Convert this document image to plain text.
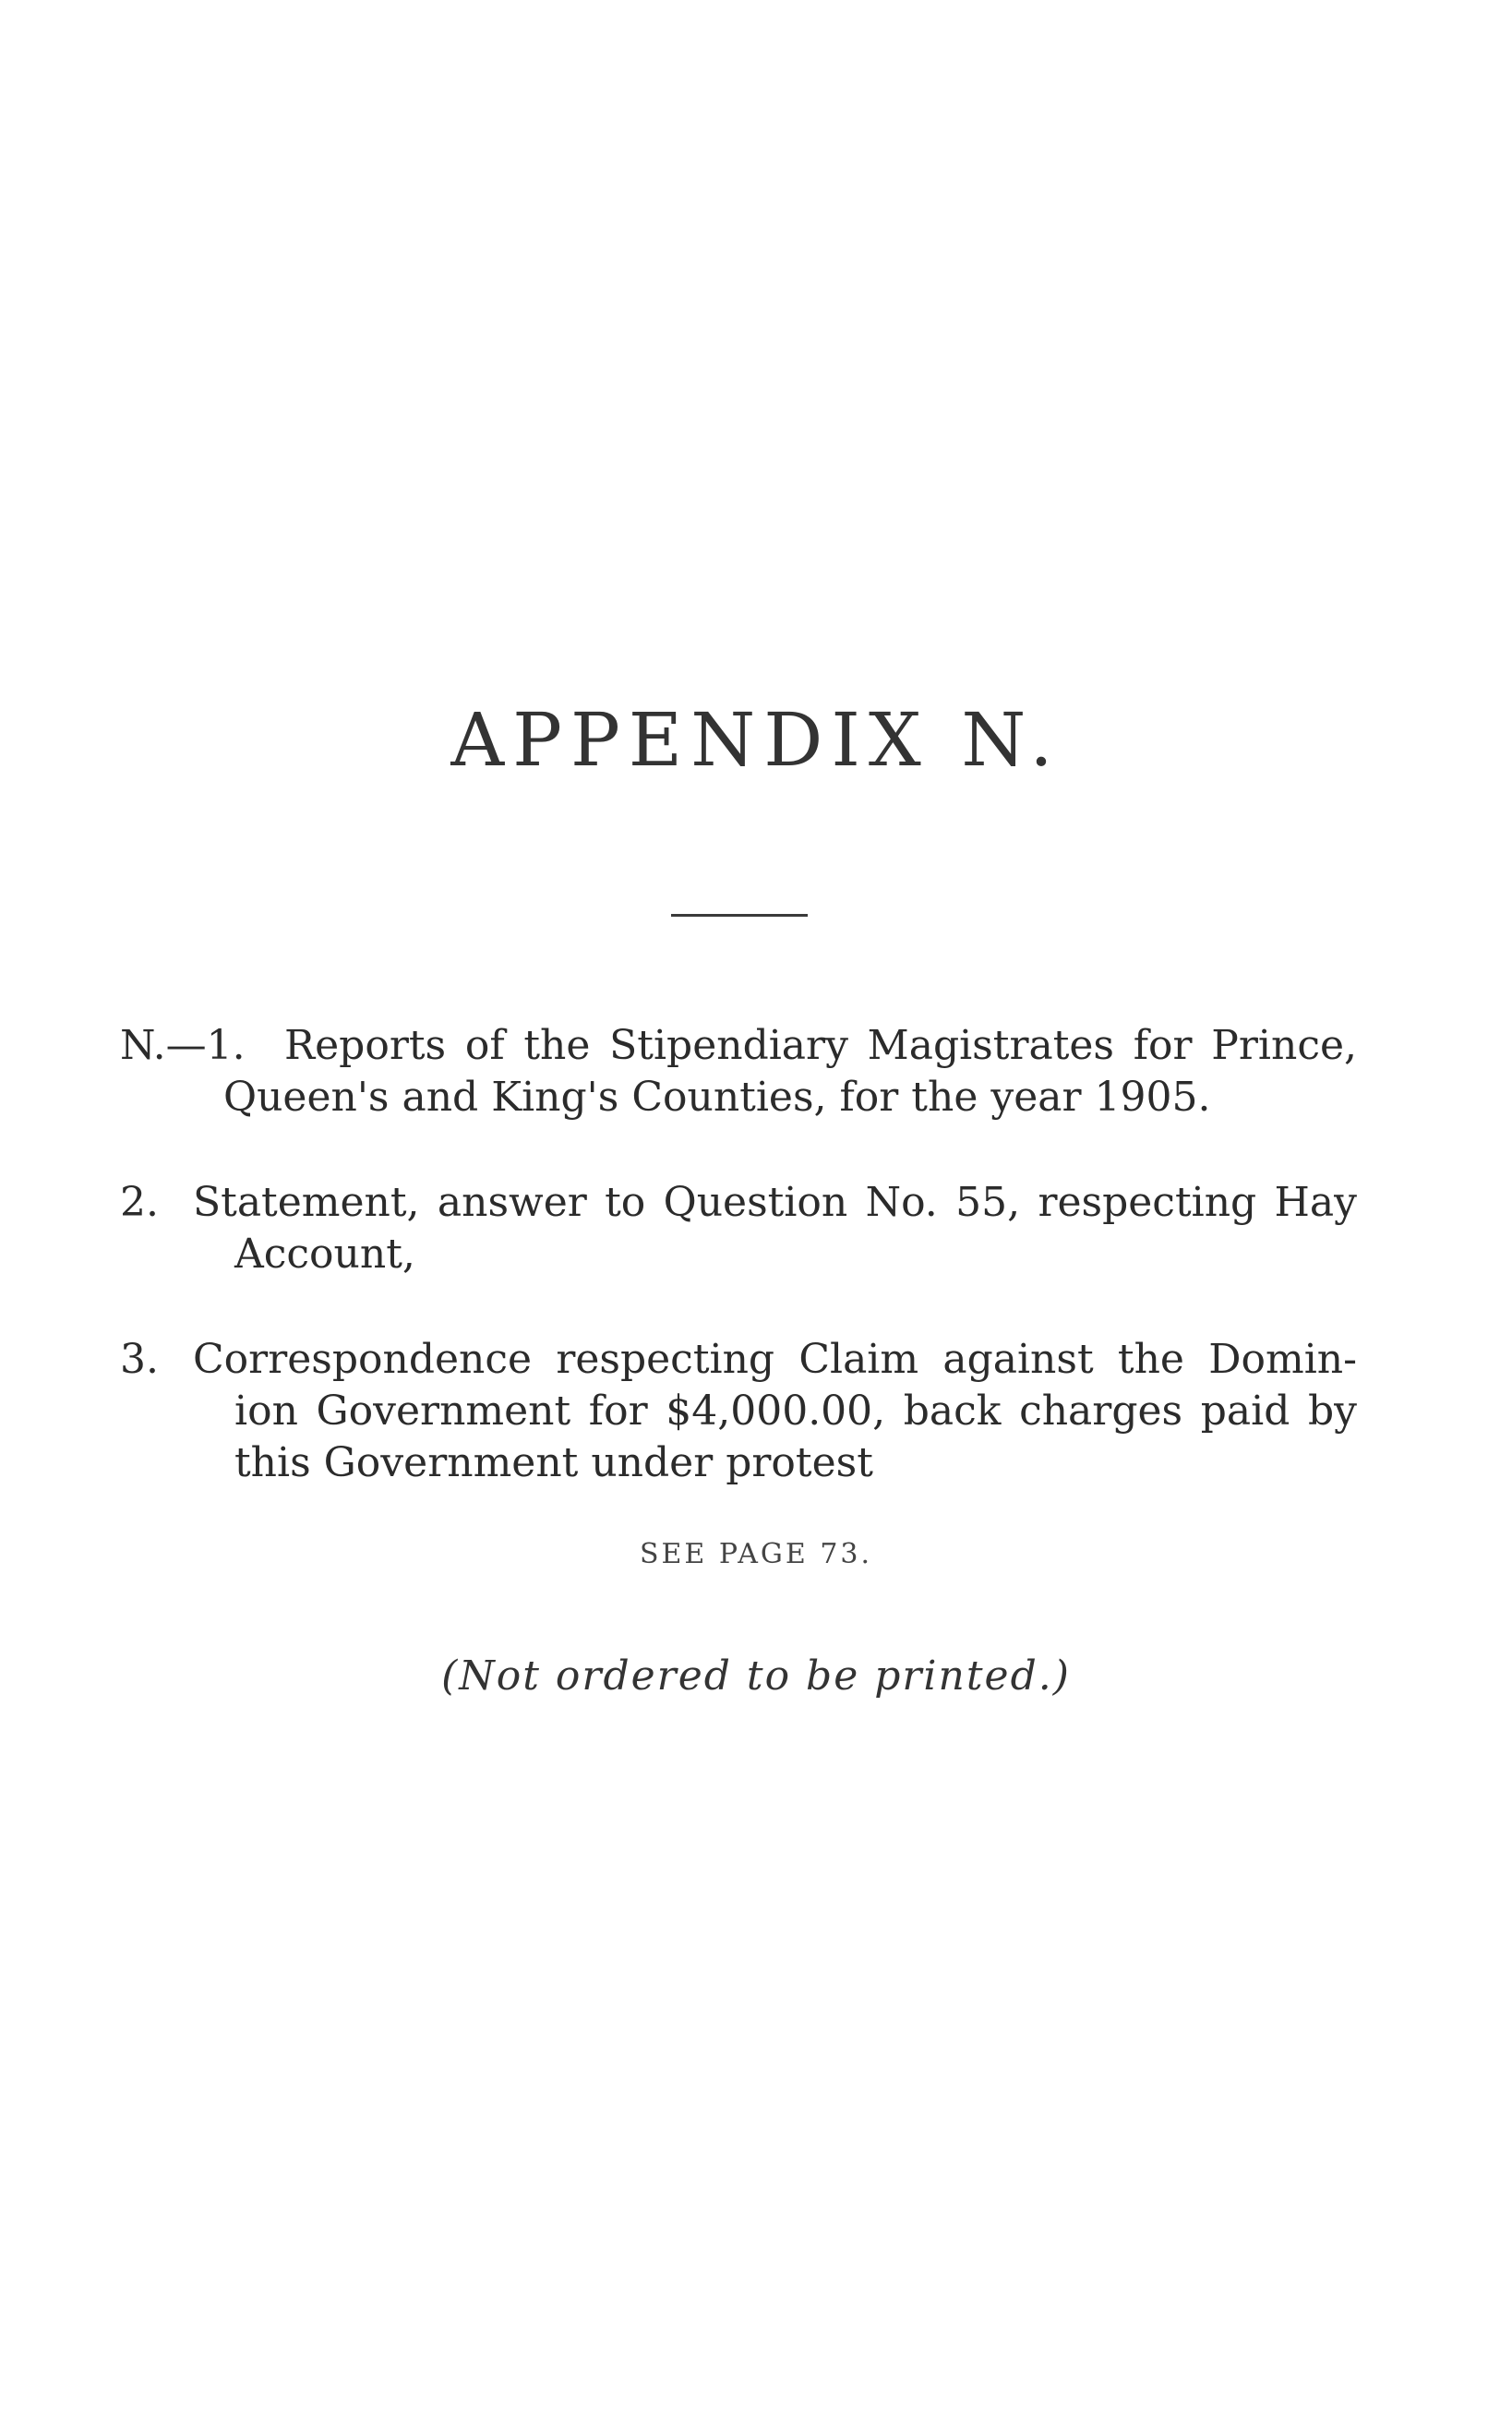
APPENDIX N.
N.—1. Reports of the Stipendiary Magistrates for Prince,
Queen's and King's Counties, for the year 1905.
2. Statement, answer to Question No. 55, respecting Hay
Account,
3. Correspondence respecting Claim against the Domin-
ion Government for $4,000.00, back charges paid by
this Government under protest
SEE PAGE 73.
(Not ordered to be printed.)
